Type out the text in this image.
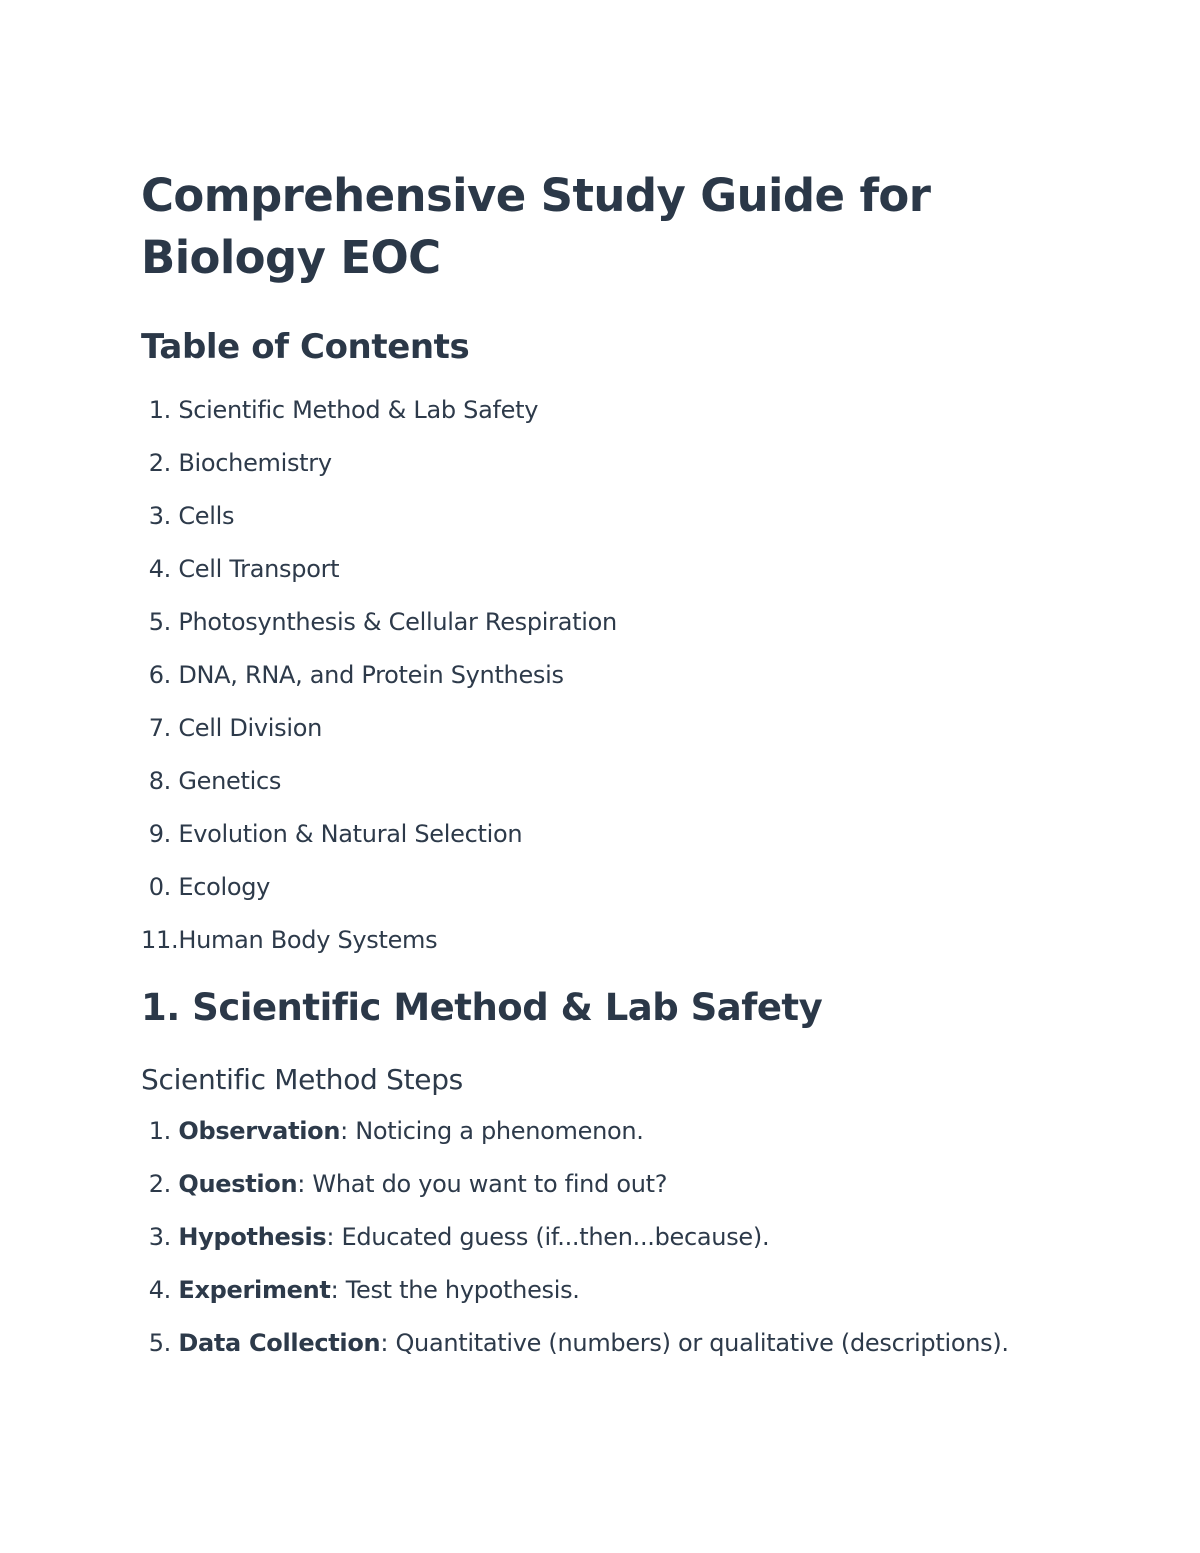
Comprehensive Study Guide for Biology EOC
Table of Contents
1.
Scientific Method & Lab Safety
2.
Biochemistry
3.
Cells
4.
Cell Transport
5.
Photosynthesis & Cellular Respiration
6.
DNA, RNA, and Protein Synthesis
7.
Cell Division
8.
Genetics
9.
Evolution & Natural Selection
0.
Ecology
11.
Human Body Systems
1. Scientific Method & Lab Safety
Scientific Method Steps
1.
Observation : Noticing a phenomenon.
2.
Question : What do you want to find out?
3.
Hypothesis : Educated guess (if...then...because).
4.
Experiment : Test the hypothesis.
5.
Data Collection : Quantitative (numbers) or qualitative (descriptions).
